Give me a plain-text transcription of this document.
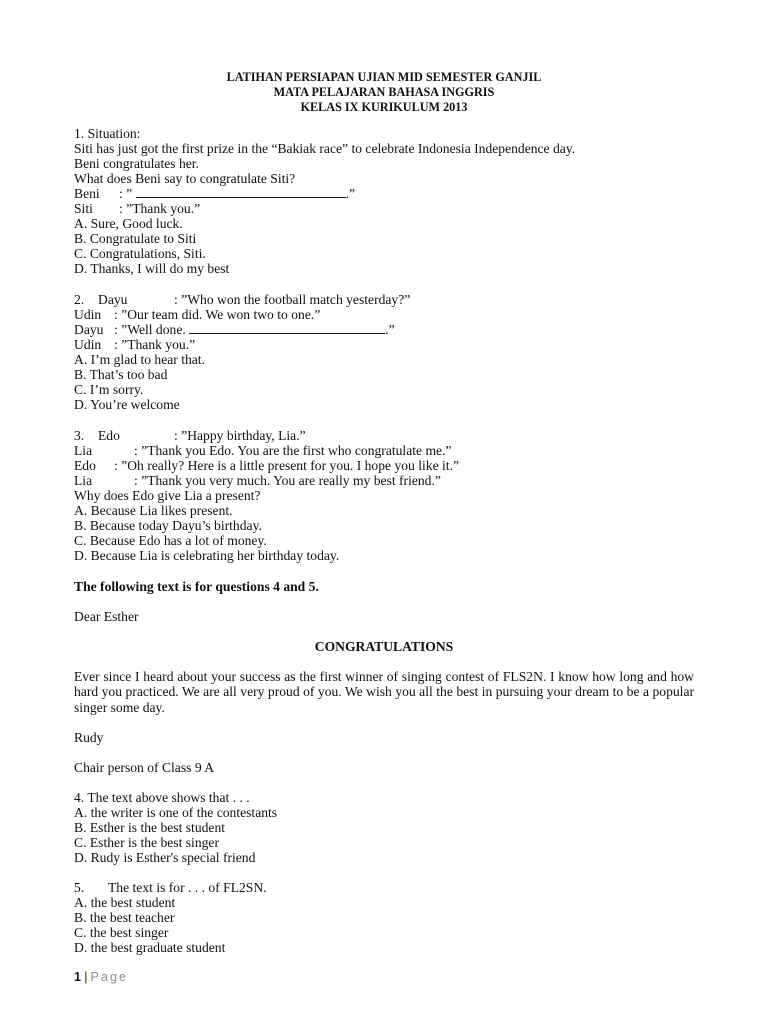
LATIHAN PERSIAPAN UJIAN MID SEMESTER GANJIL
MATA PELAJARAN BAHASA INGGRIS
KELAS IX KURIKULUM 2013
1. Situation:
Siti has just got the first prize in the “Bakiak race” to celebrate Indonesia Independence day.
Beni congratulates her.
What does Beni say to congratulate Siti?
Beni : ”	.”
Siti : ”Thank you.”
A. Sure, Good luck.
B. Congratulate to Siti
C. Congratulations, Siti.
D. Thanks, I will do my best
2. Dayu	: ”Who won the football match yesterday?”
Udin : ”Our team did. We won two to one.”
Dayu : ”Well done.	.”
Udin : ”Thank you.”
A. I’m glad to hear that.
B. That’s too bad
C. I’m sorry.
D. You’re welcome
3. Edo	: ”Happy birthday, Lia.”
Lia	: ”Thank you Edo. You are the first who congratulate me.”
Edo : ”Oh really? Here is a little present for you. I hope you like it.”
Lia	: ”Thank you very much. You are really my best friend.”
Why does Edo give Lia a present?
A. Because Lia likes present.
B. Because today Dayu’s birthday.
C. Because Edo has a lot of money.
D. Because Lia is celebrating her birthday today.
The following text is for questions 4 and 5.
Dear Esther
CONGRATULATIONS
Ever since I heard about your success as the first winner of singing contest of FLS2N. I know how long and how hard you practiced. We are all very proud of you. We wish you all the best in pursuing your dream to be a popular singer some day.
Rudy
Chair person of Class 9 A
4. The text above shows that . . .
A. the writer is one of the contestants
B. Esther is the best student
C. Esther is the best singer
D. Rudy is Esther's special friend
5. The text is for . . . of FL2SN.
A. the best student
B. the best teacher
C. the best singer
D. the best graduate student
1 | Page
